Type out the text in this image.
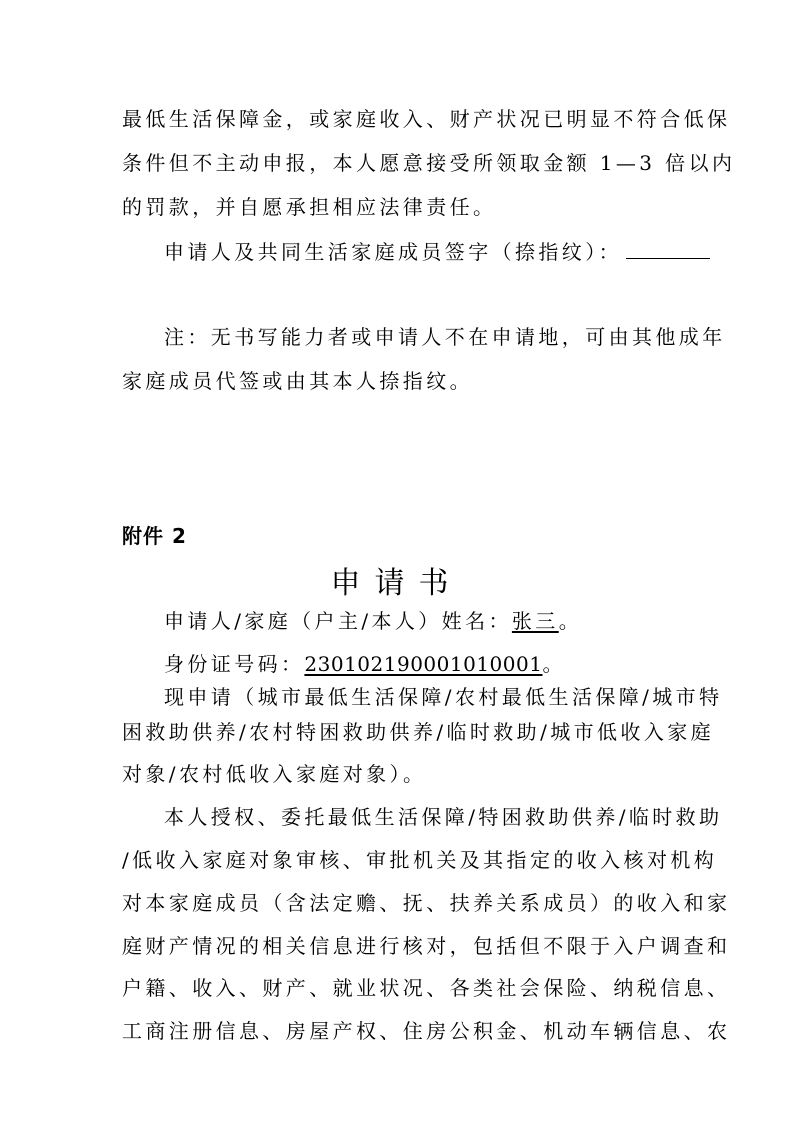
最低生活保障金，或家庭收入、财产状况已明显不符合低保
条件但不主动申报，本人愿意接受所领取金额 1—3 倍以内
的罚款，并自愿承担相应法律责任。
申请人及共同生活家庭成员签字（捺指纹）：
注：无书写能力者或申请人不在申请地，可由其他成年
家庭成员代签或由其本人捺指纹。
附件 2
申请书
申请人/家庭（户主/本人）姓名：张三。
身份证号码：230102190001010001。
现申请（城市最低生活保障/农村最低生活保障/城市特
困救助供养/农村特困救助供养/临时救助/城市低收入家庭
对象/农村低收入家庭对象）。
本人授权、委托最低生活保障/特困救助供养/临时救助
/低收入家庭对象审核、审批机关及其指定的收入核对机构
对本家庭成员（含法定赡、抚、扶养关系成员）的收入和家
庭财产情况的相关信息进行核对，包括但不限于入户调查和
户籍、收入、财产、就业状况、各类社会保险、纳税信息、
工商注册信息、房屋产权、住房公积金、机动车辆信息、农
